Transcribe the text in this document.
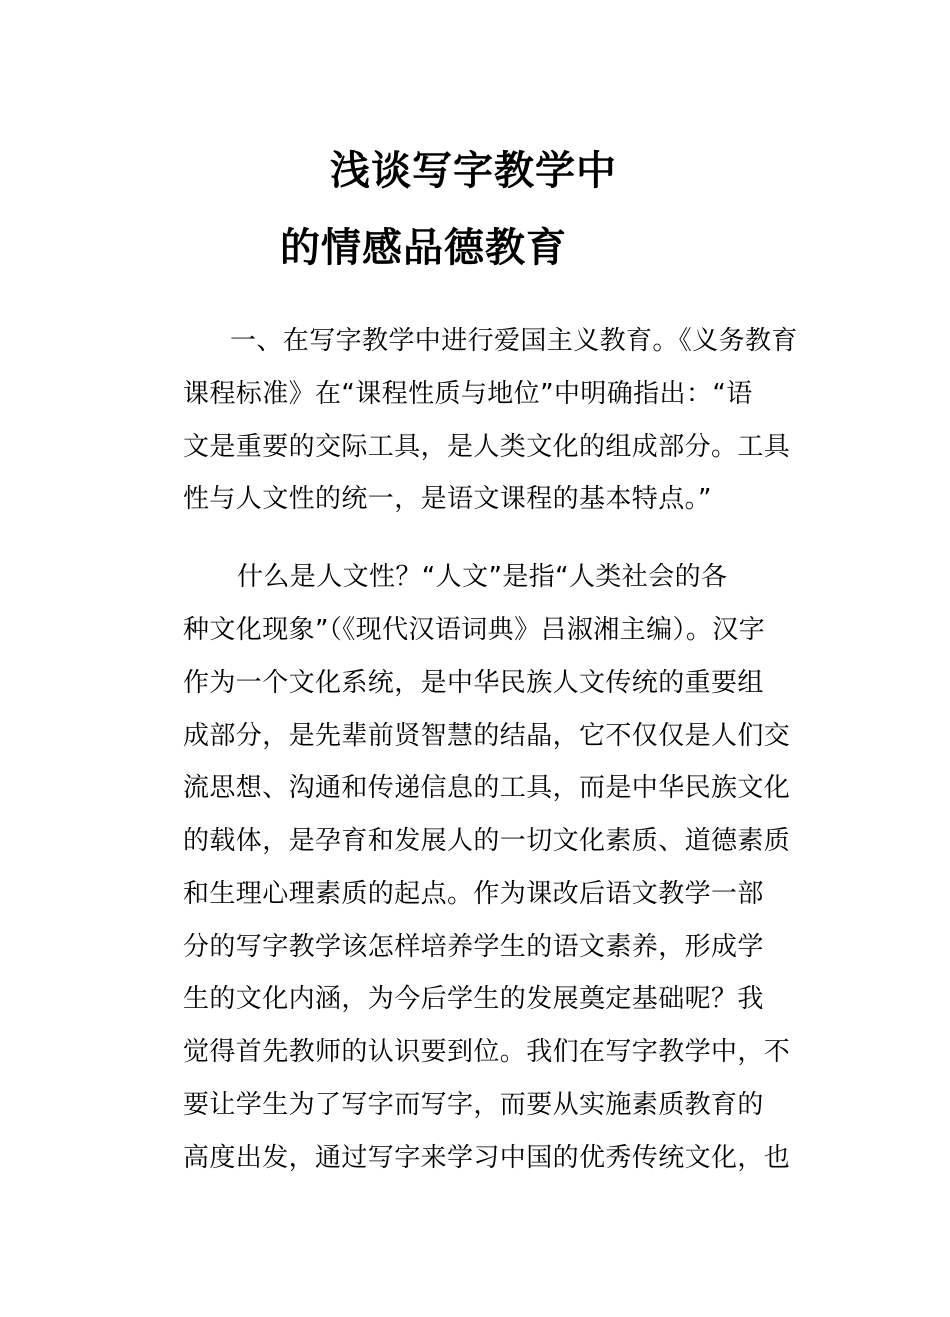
浅谈写字教学中
的情感品德教育
一、在写字教学中进行爱国主义教育。《义务教育
课程标准》在“课程性质与地位”中明确指出：“语
文是重要的交际工具，是人类文化的组成部分。工具
性与人文性的统一，是语文课程的基本特点。”
什么是人文性？“人文”是指“人类社会的各
种文化现象”（《现代汉语词典》吕淑湘主编）。汉字
作为一个文化系统，是中华民族人文传统的重要组
成部分，是先辈前贤智慧的结晶，它不仅仅是人们交
流思想、沟通和传递信息的工具，而是中华民族文化
的载体，是孕育和发展人的一切文化素质、道德素质
和生理心理素质的起点。作为课改后语文教学一部
分的写字教学该怎样培养学生的语文素养，形成学
生的文化内涵，为今后学生的发展奠定基础呢？我
觉得首先教师的认识要到位。我们在写字教学中，不
要让学生为了写字而写字，而要从实施素质教育的
高度出发，通过写字来学习中国的优秀传统文化，也
